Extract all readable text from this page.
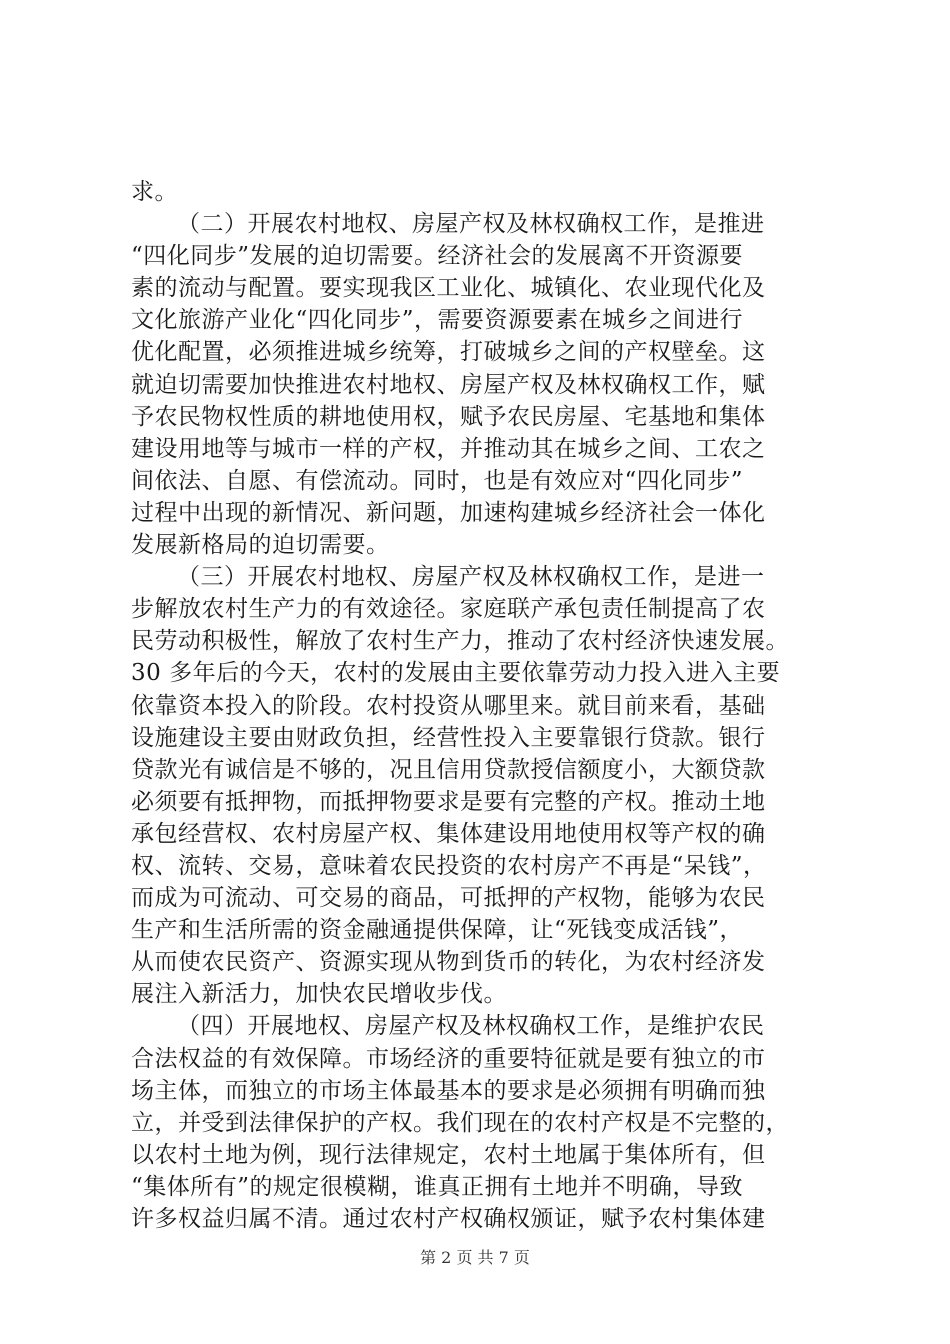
求。
（二）开展农村地权、房屋产权及林权确权工作，是推进
“四化同步”发展的迫切需要。经济社会的发展离不开资源要
素的流动与配置。要实现我区工业化、城镇化、农业现代化及
文化旅游产业化“四化同步”，需要资源要素在城乡之间进行
优化配置，必须推进城乡统筹，打破城乡之间的产权壁垒。这
就迫切需要加快推进农村地权、房屋产权及林权确权工作，赋
予农民物权性质的耕地使用权，赋予农民房屋、宅基地和集体
建设用地等与城市一样的产权，并推动其在城乡之间、工农之
间依法、自愿、有偿流动。同时，也是有效应对“四化同步”
过程中出现的新情况、新问题，加速构建城乡经济社会一体化
发展新格局的迫切需要。
（三）开展农村地权、房屋产权及林权确权工作，是进一
步解放农村生产力的有效途径。家庭联产承包责任制提高了农
民劳动积极性，解放了农村生产力，推动了农村经济快速发展。
30 多年后的今天，农村的发展由主要依靠劳动力投入进入主要
依靠资本投入的阶段。农村投资从哪里来。就目前来看，基础
设施建设主要由财政负担，经营性投入主要靠银行贷款。银行
贷款光有诚信是不够的，况且信用贷款授信额度小，大额贷款
必须要有抵押物，而抵押物要求是要有完整的产权。推动土地
承包经营权、农村房屋产权、集体建设用地使用权等产权的确
权、流转、交易，意味着农民投资的农村房产不再是“呆钱”，
而成为可流动、可交易的商品，可抵押的产权物，能够为农民
生产和生活所需的资金融通提供保障，让“死钱变成活钱”，
从而使农民资产、资源实现从物到货币的转化，为农村经济发
展注入新活力，加快农民增收步伐。
（四）开展地权、房屋产权及林权确权工作，是维护农民
合法权益的有效保障。市场经济的重要特征就是要有独立的市
场主体，而独立的市场主体最基本的要求是必须拥有明确而独
立，并受到法律保护的产权。我们现在的农村产权是不完整的，
以农村土地为例，现行法律规定，农村土地属于集体所有，但
“集体所有”的规定很模糊，谁真正拥有土地并不明确，导致
许多权益归属不清。通过农村产权确权颁证，赋予农村集体建
第 2 页 共 7 页
